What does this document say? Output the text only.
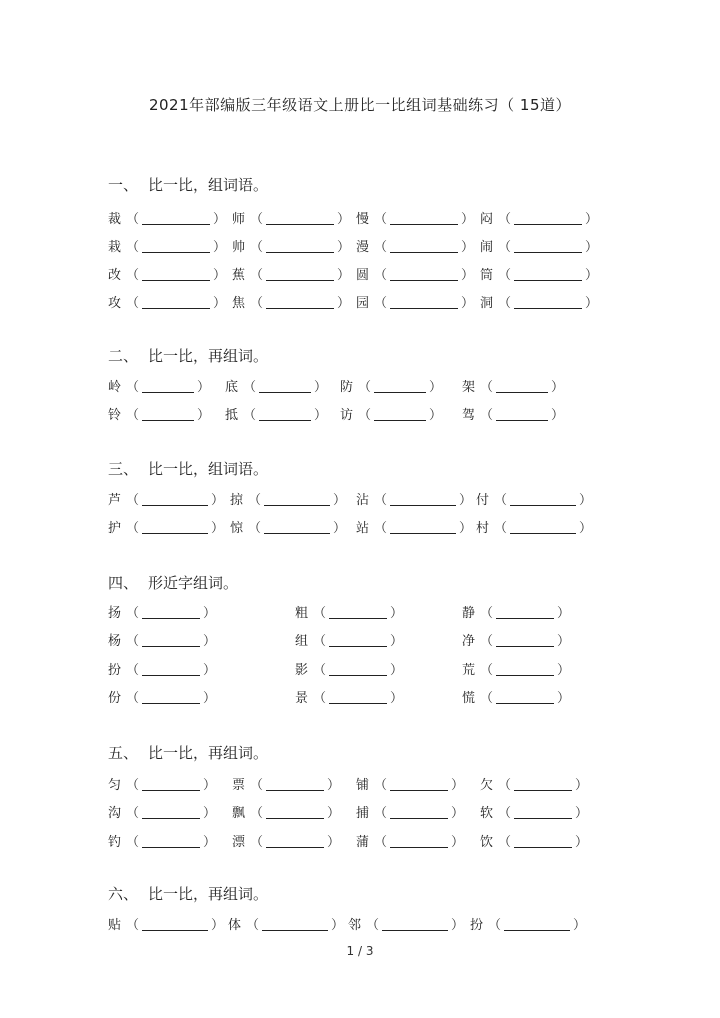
2021年部编版三年级语文上册比一比组词基础练习（ 15道）
一、 比一比，组词语。
裁 （	） 师 （	） 慢 （	） 闷 （	）
栽 （	） 帅 （	） 漫 （	） 闹 （	）
改 （	） 蕉 （	） 圆 （	） 筒 （	）
攻 （	） 焦 （	） 园 （	） 洞 （	）
二、 比一比，再组词。
岭 （	） 底 （	） 防 （	） 架 （	）
铃 （	） 抵 （	） 访 （	） 驾 （	）
三、 比一比，组词语。
芦 （	） 掠 （	） 沾 （	） 付 （	）
护 （	） 惊 （	） 站 （	） 村 （	）
四、 形近字组词。
扬 （	）	粗 （	）	静 （	）
杨 （	）	组 （	）	净 （	）
扮 （	）	影 （	）	荒 （	）
份 （	）	景 （	）	慌 （	）
五、 比一比，再组词。
匀 （	） 票 （	） 铺 （	） 欠 （	）
沟 （	） 飘 （	） 捕 （	） 软 （	）
钓 （	） 漂 （	） 蒲 （	） 饮 （	）
六、 比一比，再组词。
贴 （	） 体 （	） 邻 （	） 扮 （	）
1 / 3
